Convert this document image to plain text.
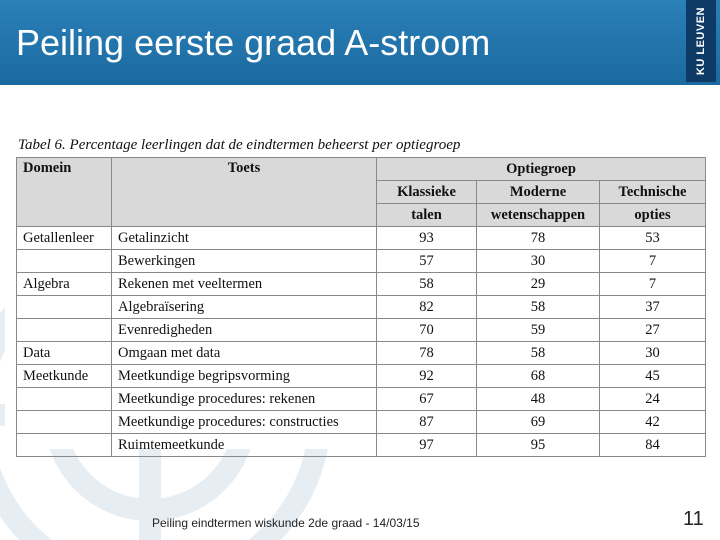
Peiling eerste graad A-stroom	KU LEUVEN
Tabel 6. Percentage leerlingen dat de eindtermen beheerst per optiegroep
Domein	Toets	Optiegroep		
		Klassieke	Moderne	Technische
		talen	wetenschappen	opties
Getallenleer	Getalinzicht	93	78	53
	Bewerkingen	57	30	7
Algebra	Rekenen met veeltermen	58	29	7
	Algebraïsering	82	58	37
	Evenredigheden	70	59	27
Data	Omgaan met data	78	58	30
Meetkunde	Meetkundige begripsvorming	92	68	45
	Meetkundige procedures: rekenen	67	48	24
	Meetkundige procedures: constructies	87	69	42
	Ruimtemeetkunde	97	95	84
Peiling eindtermen wiskunde 2de graad - 14/03/15	11
